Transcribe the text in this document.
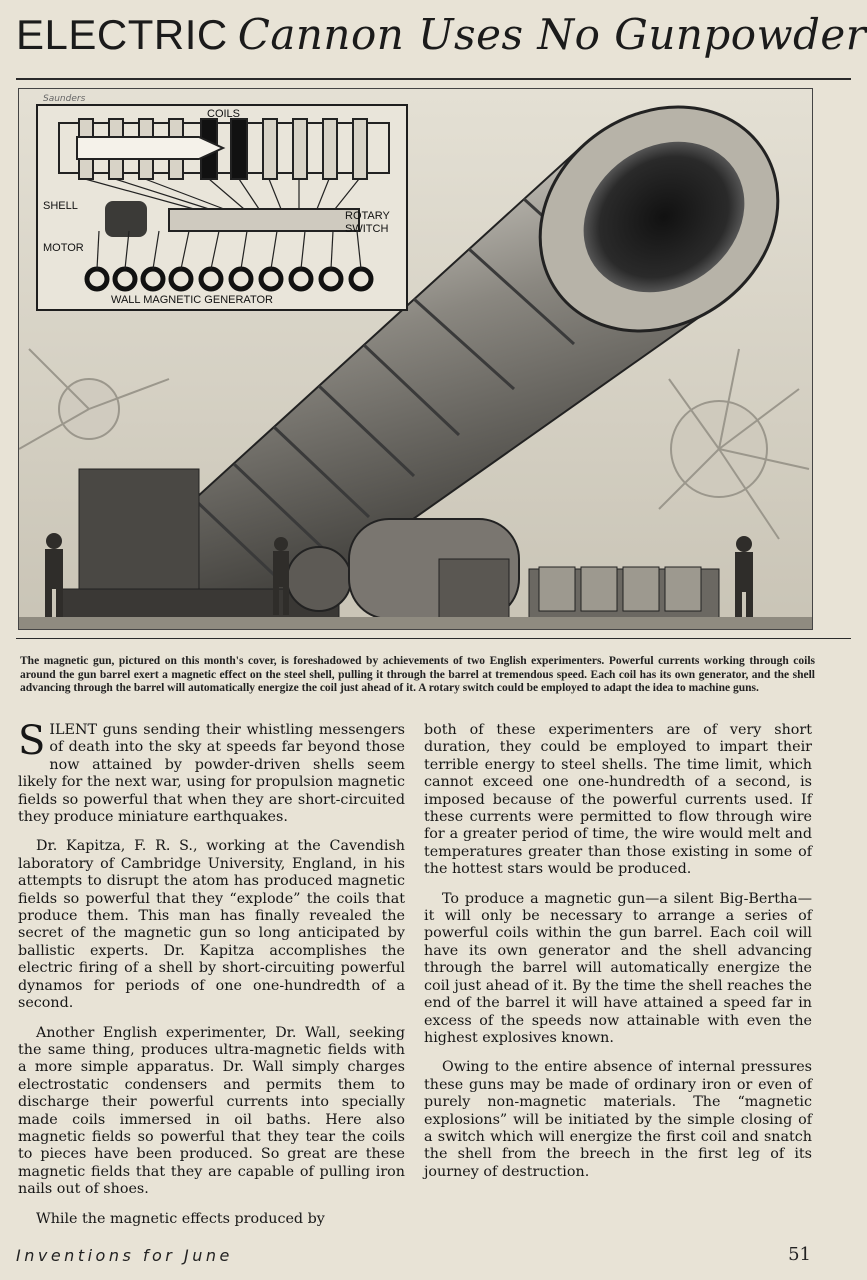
ELECTRIC Cannon Uses No Gunpowder
COILS
SHELL
ROTARY
SWITCH
MOTOR
WALL MAGNETIC GENERATOR
Saunders
The magnetic gun, pictured on this month's cover, is foreshadowed by achievements of two English experimenters. Powerful currents working through coils around the gun barrel exert a magnetic effect on the steel shell, pulling it through the barrel at tremendous speed. Each coil has its own generator, and the shell advancing through the barrel will automatically energize the coil just ahead of it. A rotary switch could be employed to adapt the idea to machine guns.

SILENT guns sending their whistling messengers of death into the sky at speeds far beyond those now attained by powder-driven shells seem likely for the next war, using for propulsion magnetic fields so powerful that when they are short-circuited they produce miniature earthquakes.

Dr. Kapitza, F. R. S., working at the Cavendish laboratory of Cambridge University, England, in his attempts to disrupt the atom has produced magnetic fields so powerful that they “explode” the coils that produce them. This man has finally revealed the secret of the magnetic gun so long anticipated by ballistic experts. Dr. Kapitza accomplishes the electric firing of a shell by short-circuiting powerful dynamos for periods of one one-hundredth of a second.

Another English experimenter, Dr. Wall, seeking the same thing, produces ultra-magnetic fields with a more simple apparatus. Dr. Wall simply charges electrostatic condensers and permits them to discharge their powerful currents into specially made coils immersed in oil baths. Here also magnetic fields so powerful that they tear the coils to pieces have been produced. So great are these magnetic fields that they are capable of pulling iron nails out of shoes.

While the magnetic effects produced by

both of these experimenters are of very short duration, they could be employed to impart their terrible energy to steel shells. The time limit, which cannot exceed one one-hundredth of a second, is imposed because of the powerful currents used. If these currents were permitted to flow through wire for a greater period of time, the wire would melt and temperatures greater than those existing in some of the hottest stars would be produced.

To produce a magnetic gun—a silent Big-Bertha—it will only be necessary to arrange a series of powerful coils within the gun barrel. Each coil will have its own generator and the shell advancing through the barrel will automatically energize the coil just ahead of it. By the time the shell reaches the end of the barrel it will have attained a speed far in excess of the speeds now attainable with even the highest explosives known.

Owing to the entire absence of internal pressures these guns may be made of ordinary iron or even of purely non-magnetic materials. The “magnetic explosions” will be initiated by the simple closing of a switch which will energize the first coil and snatch the shell from the breech in the first leg of its journey of destruction.

Inventions for June	51
